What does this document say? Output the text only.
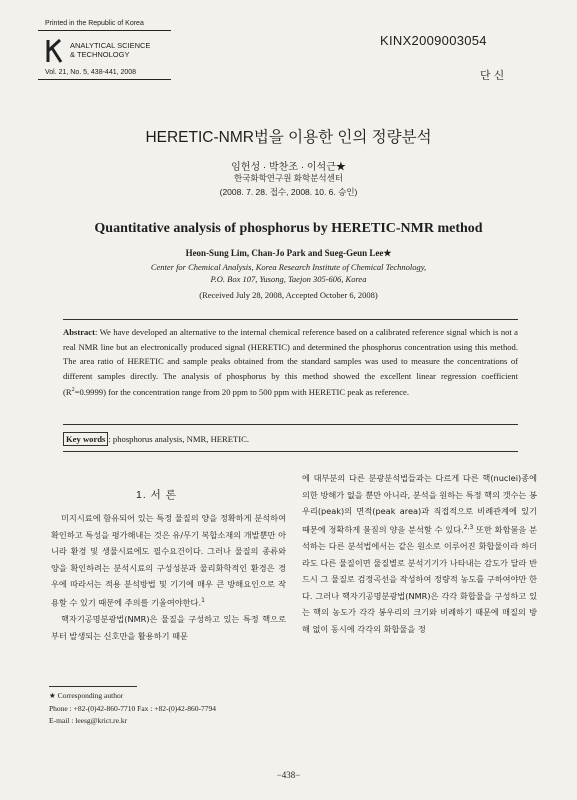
Printed in the Republic of Korea
ANALYTICAL SCIENCE
& TECHNOLOGY
Vol. 21, No. 5, 438-441, 2008
KINX2009003054
단 신
HERETIC-NMR법을 이용한 인의 정량분석
임헌성 · 박찬조 · 이석근★
한국화학연구원 화학분석센터
(2008. 7. 28. 접수, 2008. 10. 6. 승인)
Quantitative analysis of phosphorus by HERETIC-NMR method
Heon-Sung Lim, Chan-Jo Park and Sueg-Geun Lee★
Center for Chemical Analysis, Korea Research Institute of Chemical Technology,
P.O. Box 107, Yusong, Taejon 305-606, Korea
(Received July 28, 2008, Accepted October 6, 2008)
Abstract: We have developed an alternative to the internal chemical reference based on a calibrated reference signal which is not a real NMR line but an electronically produced signal (HERETIC) and determined the phosphorus concentration using this method. The area ratio of HERETIC and sample peaks obtained from the standard samples was used to measure the concentrations of different samples directly. The analysis of phosphorus by this method showed the excellent linear regression coefficient $(R^2=0.9999)$ for the concentration range from 20 ppm to 500 ppm with HERETIC peak as reference.
Key words : phosphorus analysis, NMR, HERETIC.
1. 서 론

미지시료에 함유되어 있는 특정 물질의 양을 정확하게 분석하여 확인하고 특성을 평가해내는 것은 유/무기 복합소재의 개발뿐만 아니라 환경 및 생물시료에도 필수요건이다. 그러나 물질의 종류와 양을 확인하려는 분석시료의 구성성분과 물리화학적인 환경은 경우에 따라서는 적용 분석방법 및 기기에 매우 큰 방해요인으로 작용할 수 있기 때문에 주의를 기울여야한다.$^1$

핵자기공명분광법(NMR)은 물질을 구성하고 있는 특정 핵으로부터 발생되는 신호만을 활용하기 때문

에 대부분의 다른 분광분석법들과는 다르게 다른 핵(nuclei)종에 의한 방해가 없을 뿐만 아니라, 분석을 원하는 특정 핵의 갯수는 봉우리(peak)의 면적(peak area)과 직접적으로 비례관계에 있기 때문에 정확하게 물질의 양을 분석할 수 있다.$^{2,3}$ 또한 화합물을 분석하는 다른 분석법에서는 같은 원소로 이루어진 화합물이라 하더라도 다른 물질이면 물질별로 분석기기가 나타내는 감도가 달라 반드시 그 물질로 검정곡선을 작성하여 정량적 농도를 구하여야만 한다. 그러나 핵자기공명분광법(NMR)은 각각 화합물을 구성하고 있는 핵의 농도가 각각 봉우리의 크기와 비례하기 때문에 매질의 방해 없이 동시에 각각의 화합물을 정

★ Corresponding author
Phone : +82-(0)42-860-7710 Fax : +82-(0)42-860-7794
E-mail : leesg@krict.re.kr
−438−
